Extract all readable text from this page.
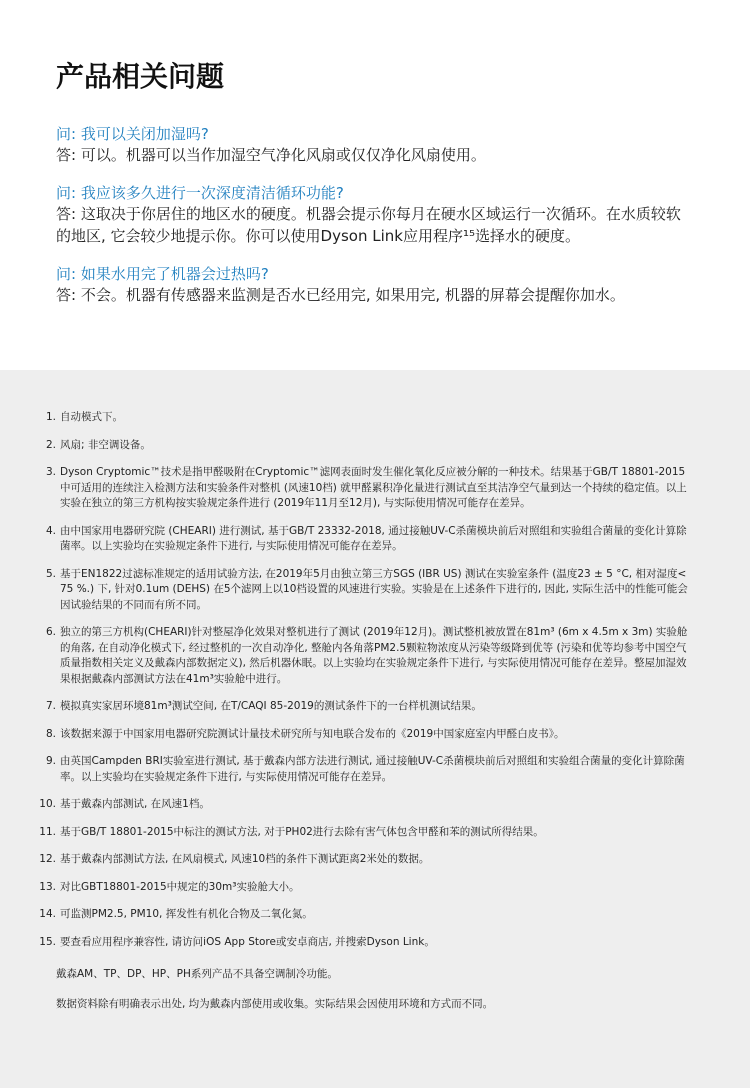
产品相关问题
问: 我可以关闭加湿吗?
答: 可以。机器可以当作加湿空气净化风扇或仅仅净化风扇使用。
问: 我应该多久进行一次深度清洁循环功能?
答: 这取决于你居住的地区水的硬度。机器会提示你每月在硬水区域运行一次循环。在水质较软的地区, 它会较少地提示你。你可以使用Dyson Link应用程序¹⁵选择水的硬度。
问: 如果水用完了机器会过热吗?
答: 不会。机器有传感器来监测是否水已经用完, 如果用完, 机器的屏幕会提醒你加水。
1. 自动模式下。
2. 风扇; 非空调设备。
3. Dyson Cryptomic™技术是指甲醛吸附在Cryptomic™滤网表面时发生催化氧化反应被分解的一种技术。结果基于GB/T 18801-2015中可适用的连续注入检测方法和实验条件对整机 (风速10档) 就甲醛累积净化量进行测试直至其洁净空气量到达一个持续的稳定值。以上实验在独立的第三方机构按实验规定条件进行 (2019年11月至12月), 与实际使用情况可能存在差异。
4. 由中国家用电器研究院 (CHEARI) 进行测试, 基于GB/T 23332-2018, 通过接触UV-C杀菌模块前后对照组和实验组合菌量的变化计算除菌率。以上实验均在实验规定条件下进行, 与实际使用情况可能存在差异。
5. 基于EN1822过滤标准规定的适用试验方法, 在2019年5月由独立第三方SGS (IBR US) 测试在实验室条件 (温度23 ± 5 °C, 相对湿度< 75 %.) 下, 针对0.1um (DEHS) 在5个滤网上以10档设置的风速进行实验。实验是在上述条件下进行的, 因此, 实际生活中的性能可能会因试验结果的不同而有所不同。
6. 独立的第三方机构(CHEARI)针对整屋净化效果对整机进行了测试 (2019年12月)。测试整机被放置在81m³ (6m x 4.5m x 3m) 实验舱的角落, 在自动净化模式下, 经过整机的一次自动净化, 整舱内各角落PM2.5颗粒物浓度从污染等级降到优等 (污染和优等均参考中国空气质量指数相关定义及戴森内部数据定义), 然后机器休眠。以上实验均在实验规定条件下进行, 与实际使用情况可能存在差异。整屋加湿效果根据戴森内部测试方法在41m³实验舱中进行。
7. 模拟真实家居环境81m³测试空间, 在T/CAQI 85-2019的测试条件下的一台样机测试结果。
8. 该数据来源于中国家用电器研究院测试计量技术研究所与知电联合发布的《2019中国家庭室内甲醛白皮书》。
9. 由英国Campden BRI实验室进行测试, 基于戴森内部方法进行测试, 通过接触UV-C杀菌模块前后对照组和实验组合菌量的变化计算除菌率。以上实验均在实验规定条件下进行, 与实际使用情况可能存在差异。
10. 基于戴森内部测试, 在风速1档。
11. 基于GB/T 18801-2015中标注的测试方法, 对于PH02进行去除有害气体包含甲醛和苯的测试所得结果。
12. 基于戴森内部测试方法, 在风扇模式, 风速10档的条件下测试距离2米处的数据。
13. 对比GBT18801-2015中规定的30m³实验舱大小。
14. 可监测PM2.5, PM10, 挥发性有机化合物及二氧化氮。
15. 要查看应用程序兼容性, 请访问iOS App Store或安卓商店, 并搜索Dyson Link。

戴森AM、TP、DP、HP、PH系列产品不具备空调制冷功能。

数据资料除有明确表示出处, 均为戴森内部使用或收集。实际结果会因使用环境和方式而不同。
